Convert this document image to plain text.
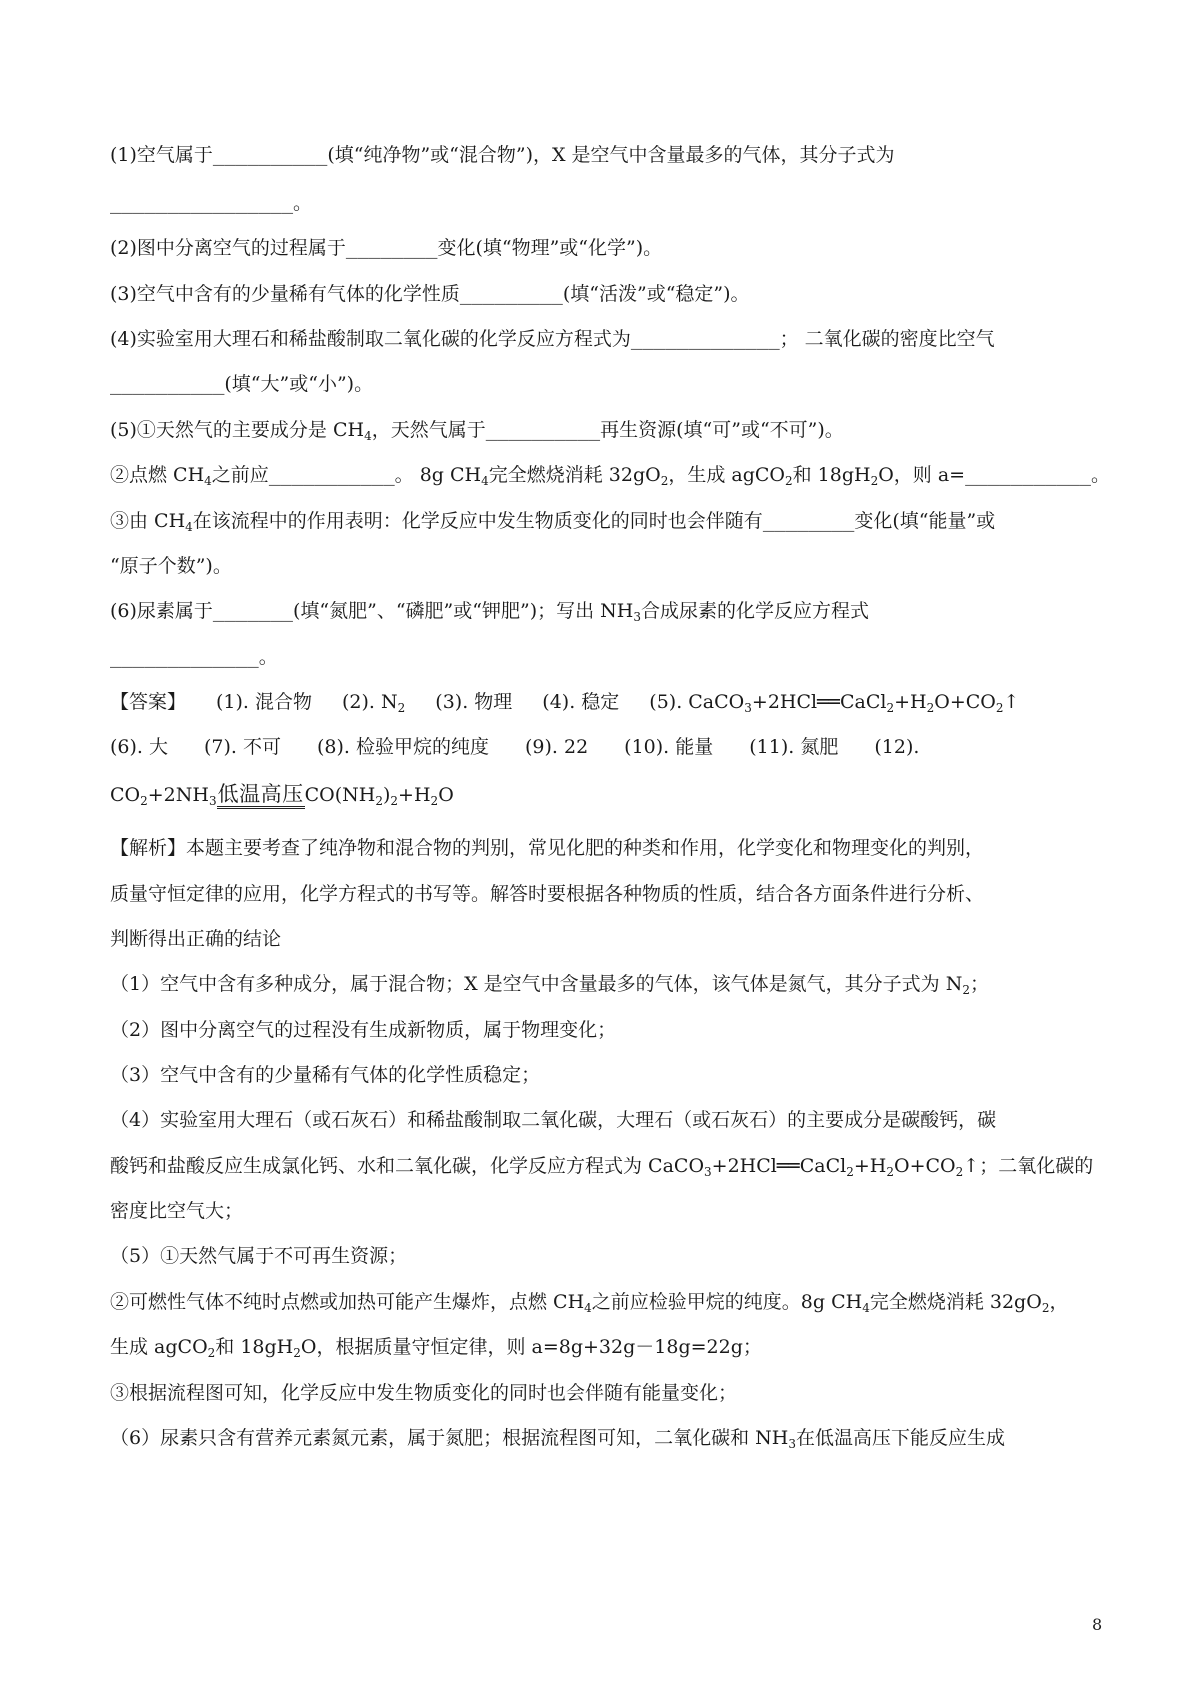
(1)空气属于__________(填“纯净物”或“混合物”)，X 是空气中含量最多的气体，其分子式为
________________。
(2)图中分离空气的过程属于________变化(填“物理”或“化学”)。
(3)空气中含有的少量稀有气体的化学性质_________(填“活泼”或“稳定”)。
(4)实验室用大理石和稀盐酸制取二氧化碳的化学反应方程式为_____________； 二氧化碳的密度比空气
__________(填“大”或“小”)。
(5)①天然气的主要成分是 $CH_4$，天然气属于__________再生资源(填“可”或“不可”)。
②点燃 $CH_4$之前应___________。 8g $CH_4$完全燃烧消耗 $32gO_2$，生成 agCO$_2$和 $18gH_2O$，则 a=___________。
③由 $CH_4$在该流程中的作用表明：化学反应中发生物质变化的同时也会伴随有________变化(填“能量”或
“原子个数”)。
(6)尿素属于_______(填“氮肥”、“磷肥”或“钾肥”)；写出 $NH_3$合成尿素的化学反应方程式
_____________。
【答案】 (1). 混合物 (2). $N_2$ (3). 物理 (4). 稳定 (5). $CaCO_3+2HCl══CaCl_2+H_2O+CO_2↑$
(6). 大 (7). 不可 (8). 检验甲烷的纯度 (9). 22 (10). 能量 (11). 氮肥 (12).
$CO_2+2NH_3$低温高压$CO(NH_2)_2+H_2O$
【解析】本题主要考查了纯净物和混合物的判别，常见化肥的种类和作用，化学变化和物理变化的判别，
质量守恒定律的应用，化学方程式的书写等。解答时要根据各种物质的性质，结合各方面条件进行分析、
判断得出正确的结论
（1）空气中含有多种成分，属于混合物；X 是空气中含量最多的气体，该气体是氮气，其分子式为 $N_2$；
（2）图中分离空气的过程没有生成新物质，属于物理变化；
（3）空气中含有的少量稀有气体的化学性质稳定；
（4）实验室用大理石（或石灰石）和稀盐酸制取二氧化碳，大理石（或石灰石）的主要成分是碳酸钙，碳
酸钙和盐酸反应生成氯化钙、水和二氧化碳，化学反应方程式为 $CaCO_3+2HCl══CaCl_2+H_2O+CO_2↑$；二氧化碳的
密度比空气大；
（5）①天然气属于不可再生资源；
②可燃性气体不纯时点燃或加热可能产生爆炸，点燃 $CH_4$之前应检验甲烷的纯度。8g $CH_4$完全燃烧消耗 $32gO_2$，
生成 agCO$_2$和 $18gH_2O$，根据质量守恒定律，则 a=8g+32g－18g=22g；
③根据流程图可知，化学反应中发生物质变化的同时也会伴随有能量变化；
（6）尿素只含有营养元素氮元素，属于氮肥；根据流程图可知，二氧化碳和 $NH_3$在低温高压下能反应生成
8
